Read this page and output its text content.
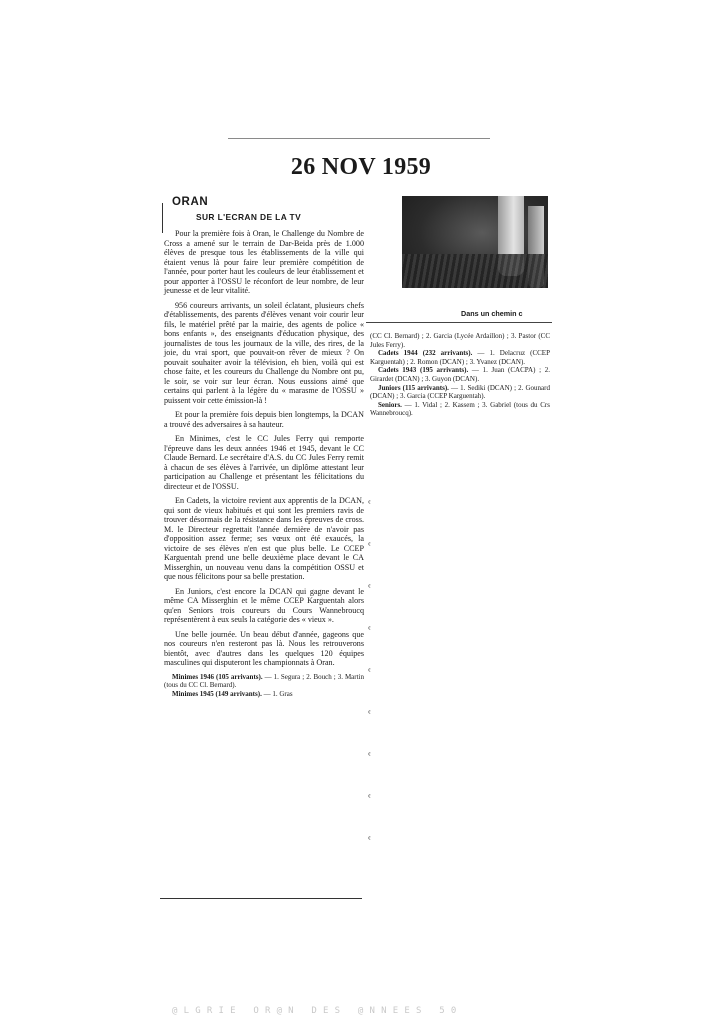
26 NOV 1959
ORAN
SUR L'ECRAN DE LA TV

Pour la première fois à Oran, le Challenge du Nombre de Cross a amené sur le terrain de Dar-Beida près de 1.000 élèves de presque tous les établissements de la ville qui étaient venus là pour faire leur première compétition de l'année, pour porter haut les couleurs de leur établissement et pour apporter à l'OSSU le réconfort de leur nombre, de leur jeunesse et de leur vitalité.

956 coureurs arrivants, un soleil éclatant, plusieurs chefs d'établissements, des parents d'élèves venant voir courir leur fils, le matériel prêté par la mairie, des agents de police « bons enfants », des enseignants d'éducation physique, des journalistes de tous les journaux de la ville, des rires, de la joie, du vrai sport, que pouvait-on rêver de mieux ? On pouvait souhaiter avoir la télévision, eh bien, voilà qui est chose faite, et les coureurs du Challenge du Nombre ont pu, le soir, se voir sur leur écran. Nous eussions aimé que certains qui parlent à la légère du « marasme de l'OSSU » puissent voir cette émission-là !

Et pour la première fois depuis bien longtemps, la DCAN a trouvé des adversaires à sa hauteur.

En Minimes, c'est le CC Jules Ferry qui remporte l'épreuve dans les deux années 1946 et 1945, devant le CC Claude Bernard. Le secrétaire d'A.S. du CC Jules Ferry remit à chacun de ses élèves à l'arrivée, un diplôme attestant leur participation au Challenge et présentant les félicitations du directeur et de l'OSSU.

En Cadets, la victoire revient aux apprentis de la DCAN, qui sont de vieux habitués et qui sont les premiers ravis de trouver désormais de la résistance dans les épreuves de cross. M. le Directeur regrettait l'année dernière de n'avoir pas d'opposition assez ferme; ses vœux ont été exaucés, la victoire de ses élèves n'en est que plus belle. Le CCEP Karguentah prend une belle deuxième place devant le CA Misserghin, un nouveau venu dans la compétition OSSU et que nous félicitons pour sa belle prestation.

En Juniors, c'est encore la DCAN qui gagne devant le même CA Misserghin et le même CCEP Karguentah alors qu'en Seniors trois coureurs du Cours Wannebroucq représentèrent à eux seuls la catégorie des « vieux ».

Une belle journée. Un beau début d'année, gageons que nos coureurs n'en resteront pas là. Nous les retrouverons bientôt, avec d'autres dans les quelques 120 équipes masculines qui disputeront les championnats à Oran.

Minimes 1946 (105 arrivants). — 1. Segura ; 2. Bouch ; 3. Martin (tous du CC Cl. Bernard).

Minimes 1945 (149 arrivants). — 1. Gras

¢
¢
¢
¢
¢
¢
¢
¢
¢
Dans un chemin c

(CC Cl. Bernard) ; 2. Garcia (Lycée Ardaillon) ; 3. Pastor (CC Jules Ferry).

Cadets 1944 (232 arrivants). — 1. Delacruz (CCEP Karguentah) ; 2. Romon (DCAN) ; 3. Yvanez (DCAN).

Cadets 1943 (195 arrivants). — 1. Juan (CACPA) ; 2. Girardet (DCAN) ; 3. Guyon (DCAN).

Juniors (115 arrivants). — 1. Sediki (DCAN) ; 2. Gounard (DCAN) ; 3. Garcia (CCEP Karguentah).

Seniors. — 1. Vidal ; 2. Kassem ; 3. Gabriel (tous du Crs Wannebroucq).

@LGRIE OR@N DES @NNEES 50
